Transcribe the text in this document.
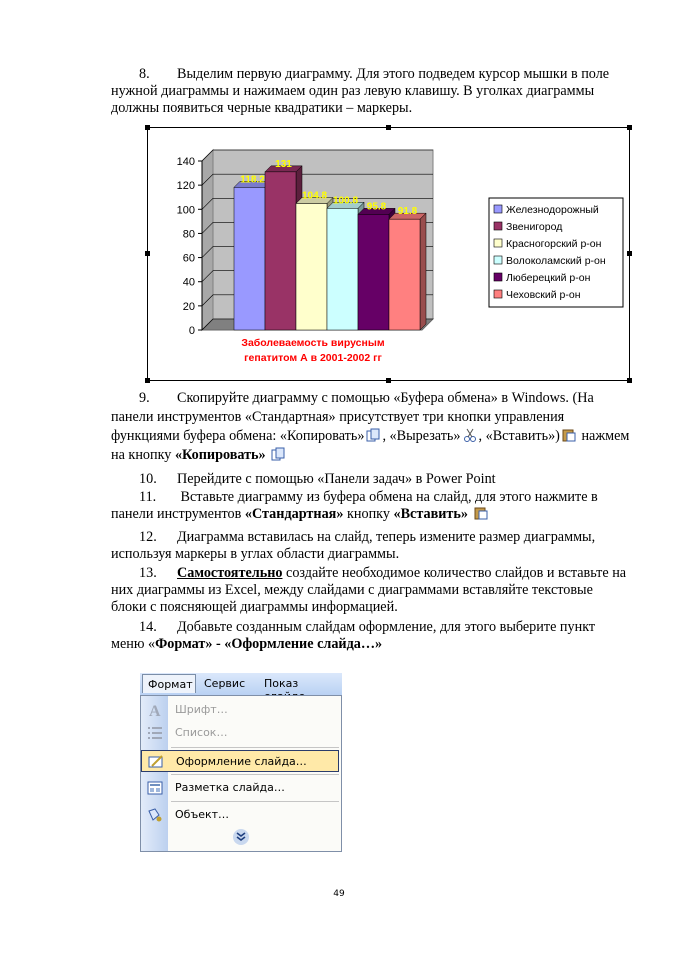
8. Выделим первую диаграмму. Для этого подведем курсор мышки в поле нужной диаграммы и нажимаем один раз левую клавишу. В уголках диаграммы должны появиться черные квадратики – маркеры.
0
20
40
60
80
100
120
140
118.2
131
104.8 100.8
95.8 91.8
Заболеваемость вирусным
гепатитом А в 2001-2002 гг
Железнодорожный
Звенигород
Красногорский р-он
Волоколамский р-он
Люберецкий р-он
Чеховский р-он
9. Скопируйте диаграмму с помощью «Буфера обмена» в Windows. (На панели инструментов «Стандартная» присутствует три кнопки управления функциями буфера обмена: «Копировать» , «Вырезать» , «Вставить») нажмем на кнопку «Копировать»
10. Перейдите с помощью «Панели задач» в Power Point
11. Вставьте диаграмму из буфера обмена на слайд, для этого нажмите в панели инструментов «Стандартная» кнопку «Вставить»
12. Диаграмма вставилась на слайд, теперь измените размер диаграммы, используя маркеры в углах области диаграммы.
13. Самостоятельно создайте необходимое количество слайдов и вставьте на них диаграммы из Excel, между слайдами с диаграммами вставляйте текстовые блоки с поясняющей диаграммы информацией.
14. Добавьте созданным слайдам оформление, для этого выберите пункт меню «Формат» - «Оформление слайда…»
Формат	Сервис Показ
A Шрифт…
Список…
Оформление слайда…
Разметка слайда…
Объект…
49
